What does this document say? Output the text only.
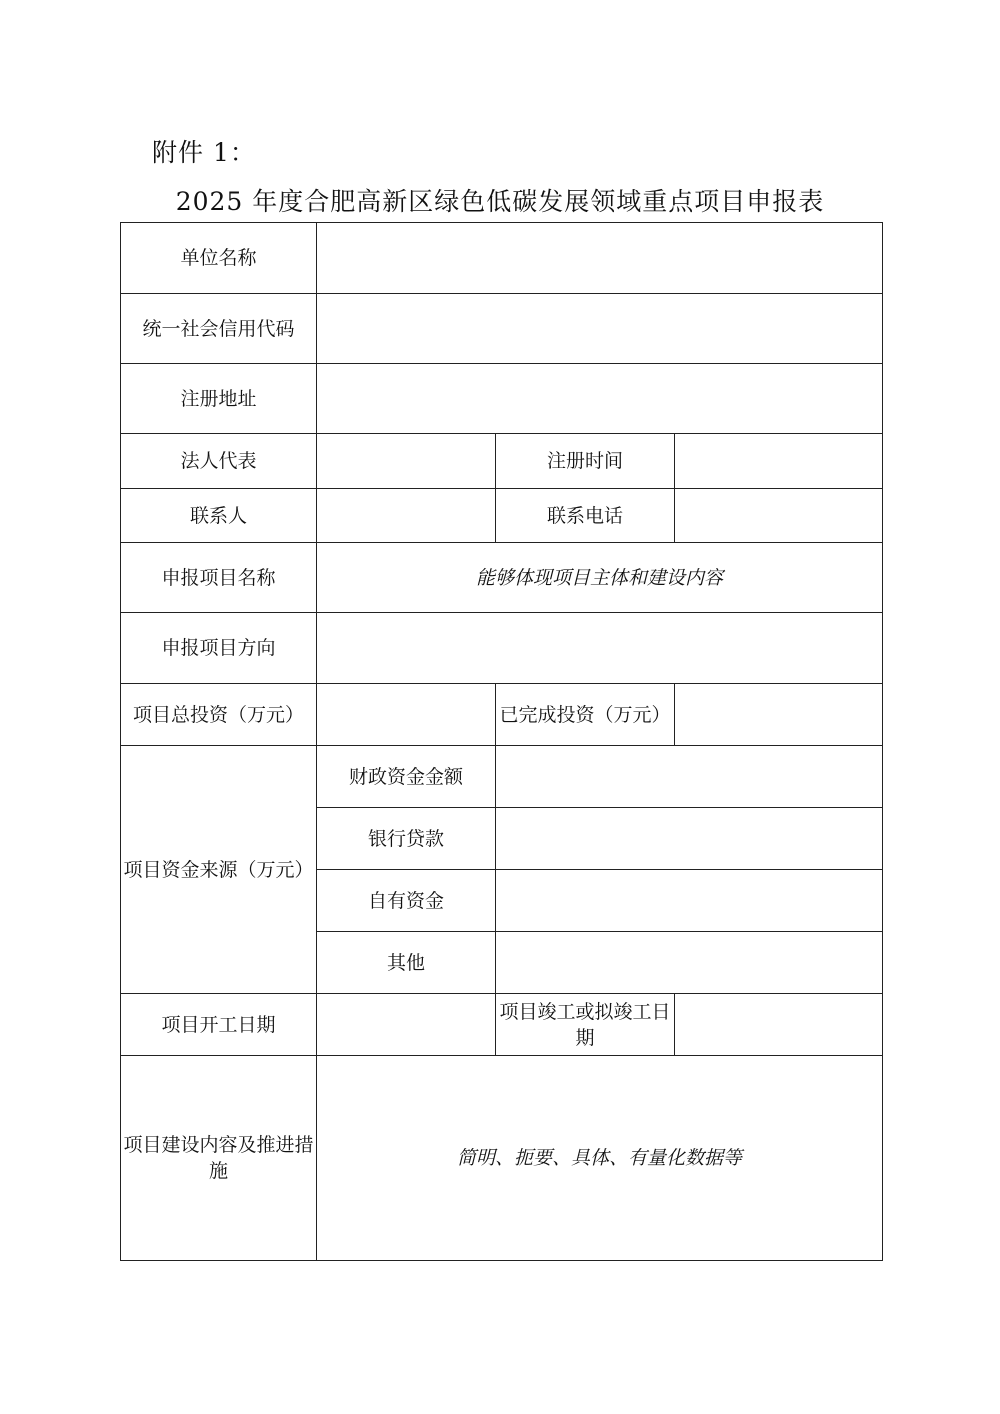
附件 1：
2025 年度合肥高新区绿色低碳发展领域重点项目申报表
单位名称			
统一社会信用代码			
注册地址			
法人代表		注册时间	
联系人		联系电话	
申报项目名称	能够体现项目主体和建设内容		
申报项目方向			
项目总投资（万元）		已完成投资（万元）	
项目资金来源（万元）	财政资金金额		
	银行贷款		
	自有资金		
	其他		
项目开工日期		项目竣工或拟竣工日期	
项目建设内容及推进措施	简明、扼要、具体、有量化数据等		
